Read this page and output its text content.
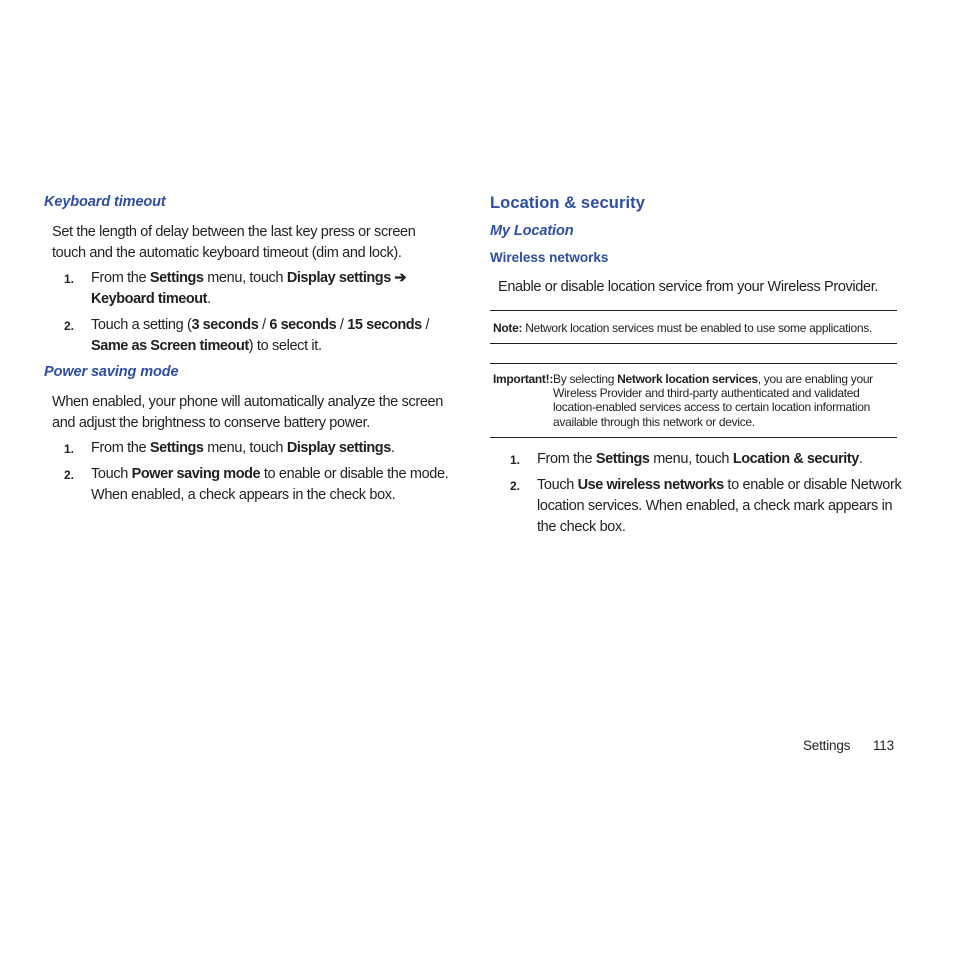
Keyboard timeout
Set the length of delay between the last key press or screen
touch and the automatic keyboard timeout (dim and lock).
1. From the Settings menu, touch Display settings ➔
Keyboard timeout.
2. Touch a setting (3 seconds / 6 seconds / 15 seconds /
Same as Screen timeout) to select it.
Power saving mode
When enabled, your phone will automatically analyze the screen
and adjust the brightness to conserve battery power.
1. From the Settings menu, touch Display settings.
2. Touch Power saving mode to enable or disable the mode.
When enabled, a check appears in the check box.
Location & security
My Location
Wireless networks
Enable or disable location service from your Wireless Provider.
Note: Network location services must be enabled to use some applications.
Important!: By selecting Network location services, you are enabling your
Wireless Provider and third-party authenticated and validated
location-enabled services access to certain location information
available through this network or device.
1. From the Settings menu, touch Location & security.
2. Touch Use wireless networks to enable or disable Network
location services. When enabled, a check mark appears in
the check box.
Settings 113
